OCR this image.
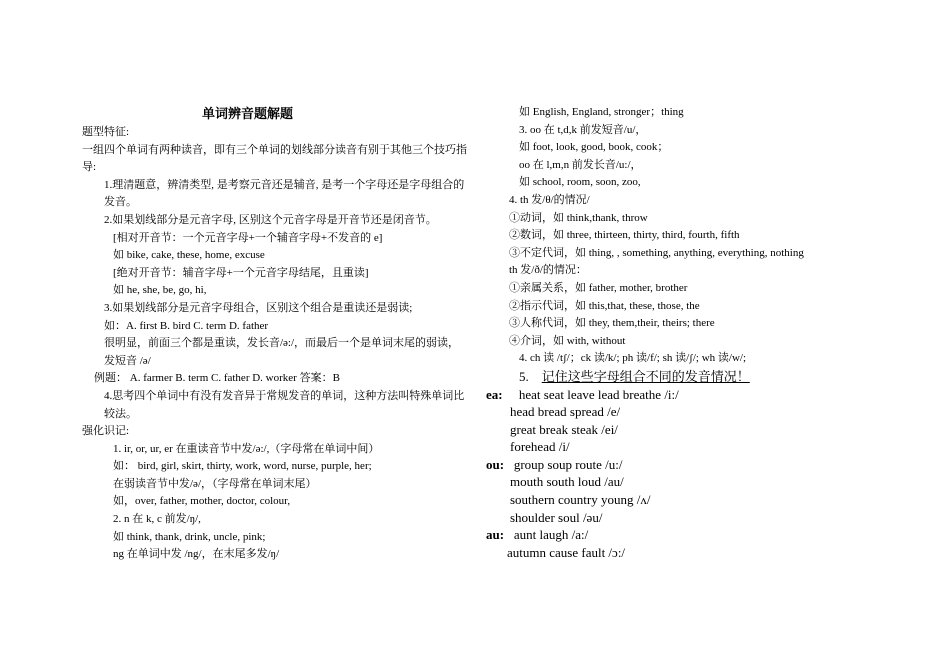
单词辨音题解题
题型特征:
一组四个单词有两种读音，即有三个单词的划线部分读音有别于其他三个技巧指导:
1.理清题意，辨清类型, 是考察元音还是辅音, 是考一个字母还是字母组合的发音。
2.如果划线部分是元音字母, 区别这个元音字母是开音节还是闭音节。
[相对开音节：一个元音字母+一个辅音字母+不发音的 e]
如 bike, cake, these, home, excuse
[绝对开音节：辅音字母+一个元音字母结尾，且重读]
如 he, she, be, go, hi,
3.如果划线部分是元音字母组合，区别这个组合是重读还是弱读;
如：A. first B. bird C. term D. father
很明显，前面三个都是重读，发长音/ə:/，而最后一个是单词末尾的弱读，发短音 /ə/
例题： A. farmer B. term C. father D. worker 答案：B
4.思考四个单词中有没有发音异于常规发音的单词，这种方法叫特殊单词比较法。
强化识记:
1. ir, or, ur, er 在重读音节中发/ə:/,（字母常在单词中间）
如： bird, girl, skirt, thirty, work, word, nurse, purple, her;
在弱读音节中发/ə/，（字母常在单词末尾）
如，over, father, mother, doctor, colour,
2. n 在 k, c 前发/ŋ/,
如 think, thank, drink, uncle, pink;
ng 在单词中发 /ng/，在末尾多发/ŋ/
如 English, England, stronger；thing
3. oo 在 t,d,k 前发短音/u/，
如 foot, look, good, book, cook；
oo 在 l,m,n 前发长音/u:/，
如 school, room, soon, zoo,
4. th 发/θ/的情况/
①动词，如 think,thank, throw
②数词，如 three, thirteen, thirty, third, fourth, fifth
③不定代词，如 thing, , something, anything, everything, nothing
th 发/ð/的情况：
①亲属关系，如 father, mother, brother
②指示代词，如 this,that, these, those, the
③人称代词，如 they, them,their, theirs; there
④介词，如 with, without
4. ch 读 /tʃ/；ck 读/k/; ph 读/f/; sh 读/ʃ/; wh 读/w/;
5. 记住这些字母组合不同的发音情况！
ea: heat seat leave lead breathe /i:/
head bread spread /e/
great break steak /ei/
forehead /i/
ou: group soup route /u:/
mouth south loud /au/
southern country young /ʌ/
shoulder soul /əu/
au: aunt laugh /a:/
autumn cause fault /ɔ:/
